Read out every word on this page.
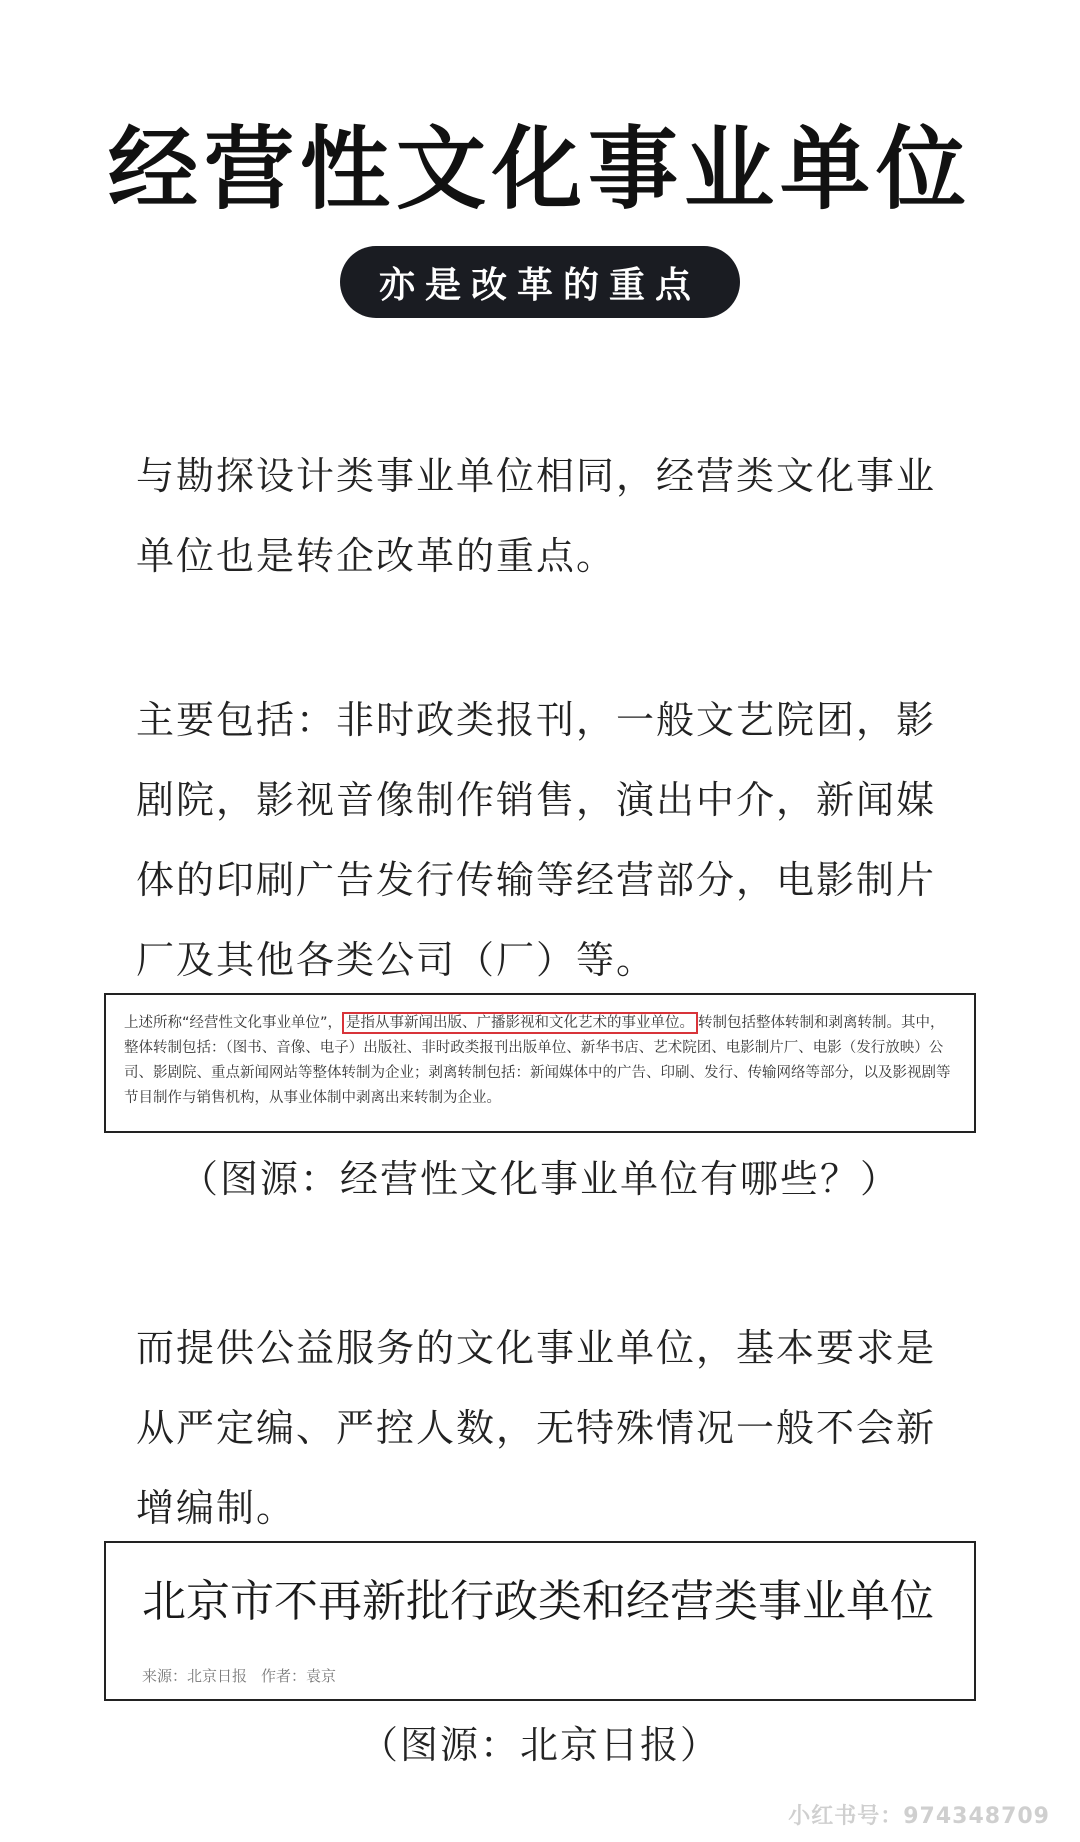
经营性文化事业单位
亦是改革的重点

与勘探设计类事业单位相同，经营类文化事业单位也是转企改革的重点。

主要包括：非时政类报刊，一般文艺院团，影剧院，影视音像制作销售，演出中介，新闻媒体的印刷广告发行传输等经营部分，电影制片厂及其他各类公司（厂）等。

上述所称“经营性文化事业单位”， 是指从事新闻出版、广播影视和文化艺术的事业单位。 转制包括整体转制和剥离转制。其中，整体转制包括：（图书、音像、电子）出版社、非时政类报刊出版单位、新华书店、艺术院团、电影制片厂、电影（发行放映）公司、影剧院、重点新闻网站等整体转制为企业；剥离转制包括：新闻媒体中的广告、印刷、发行、传输网络等部分，以及影视剧等节目制作与销售机构，从事业体制中剥离出来转制为企业。

（图源：经营性文化事业单位有哪些？）

而提供公益服务的文化事业单位，基本要求是从严定编、严控人数，无特殊情况一般不会新增编制。

北京市不再新批行政类和经营类事业单位

来源：北京日报 作者：袁京

（图源：北京日报）

小红书号：974348709
